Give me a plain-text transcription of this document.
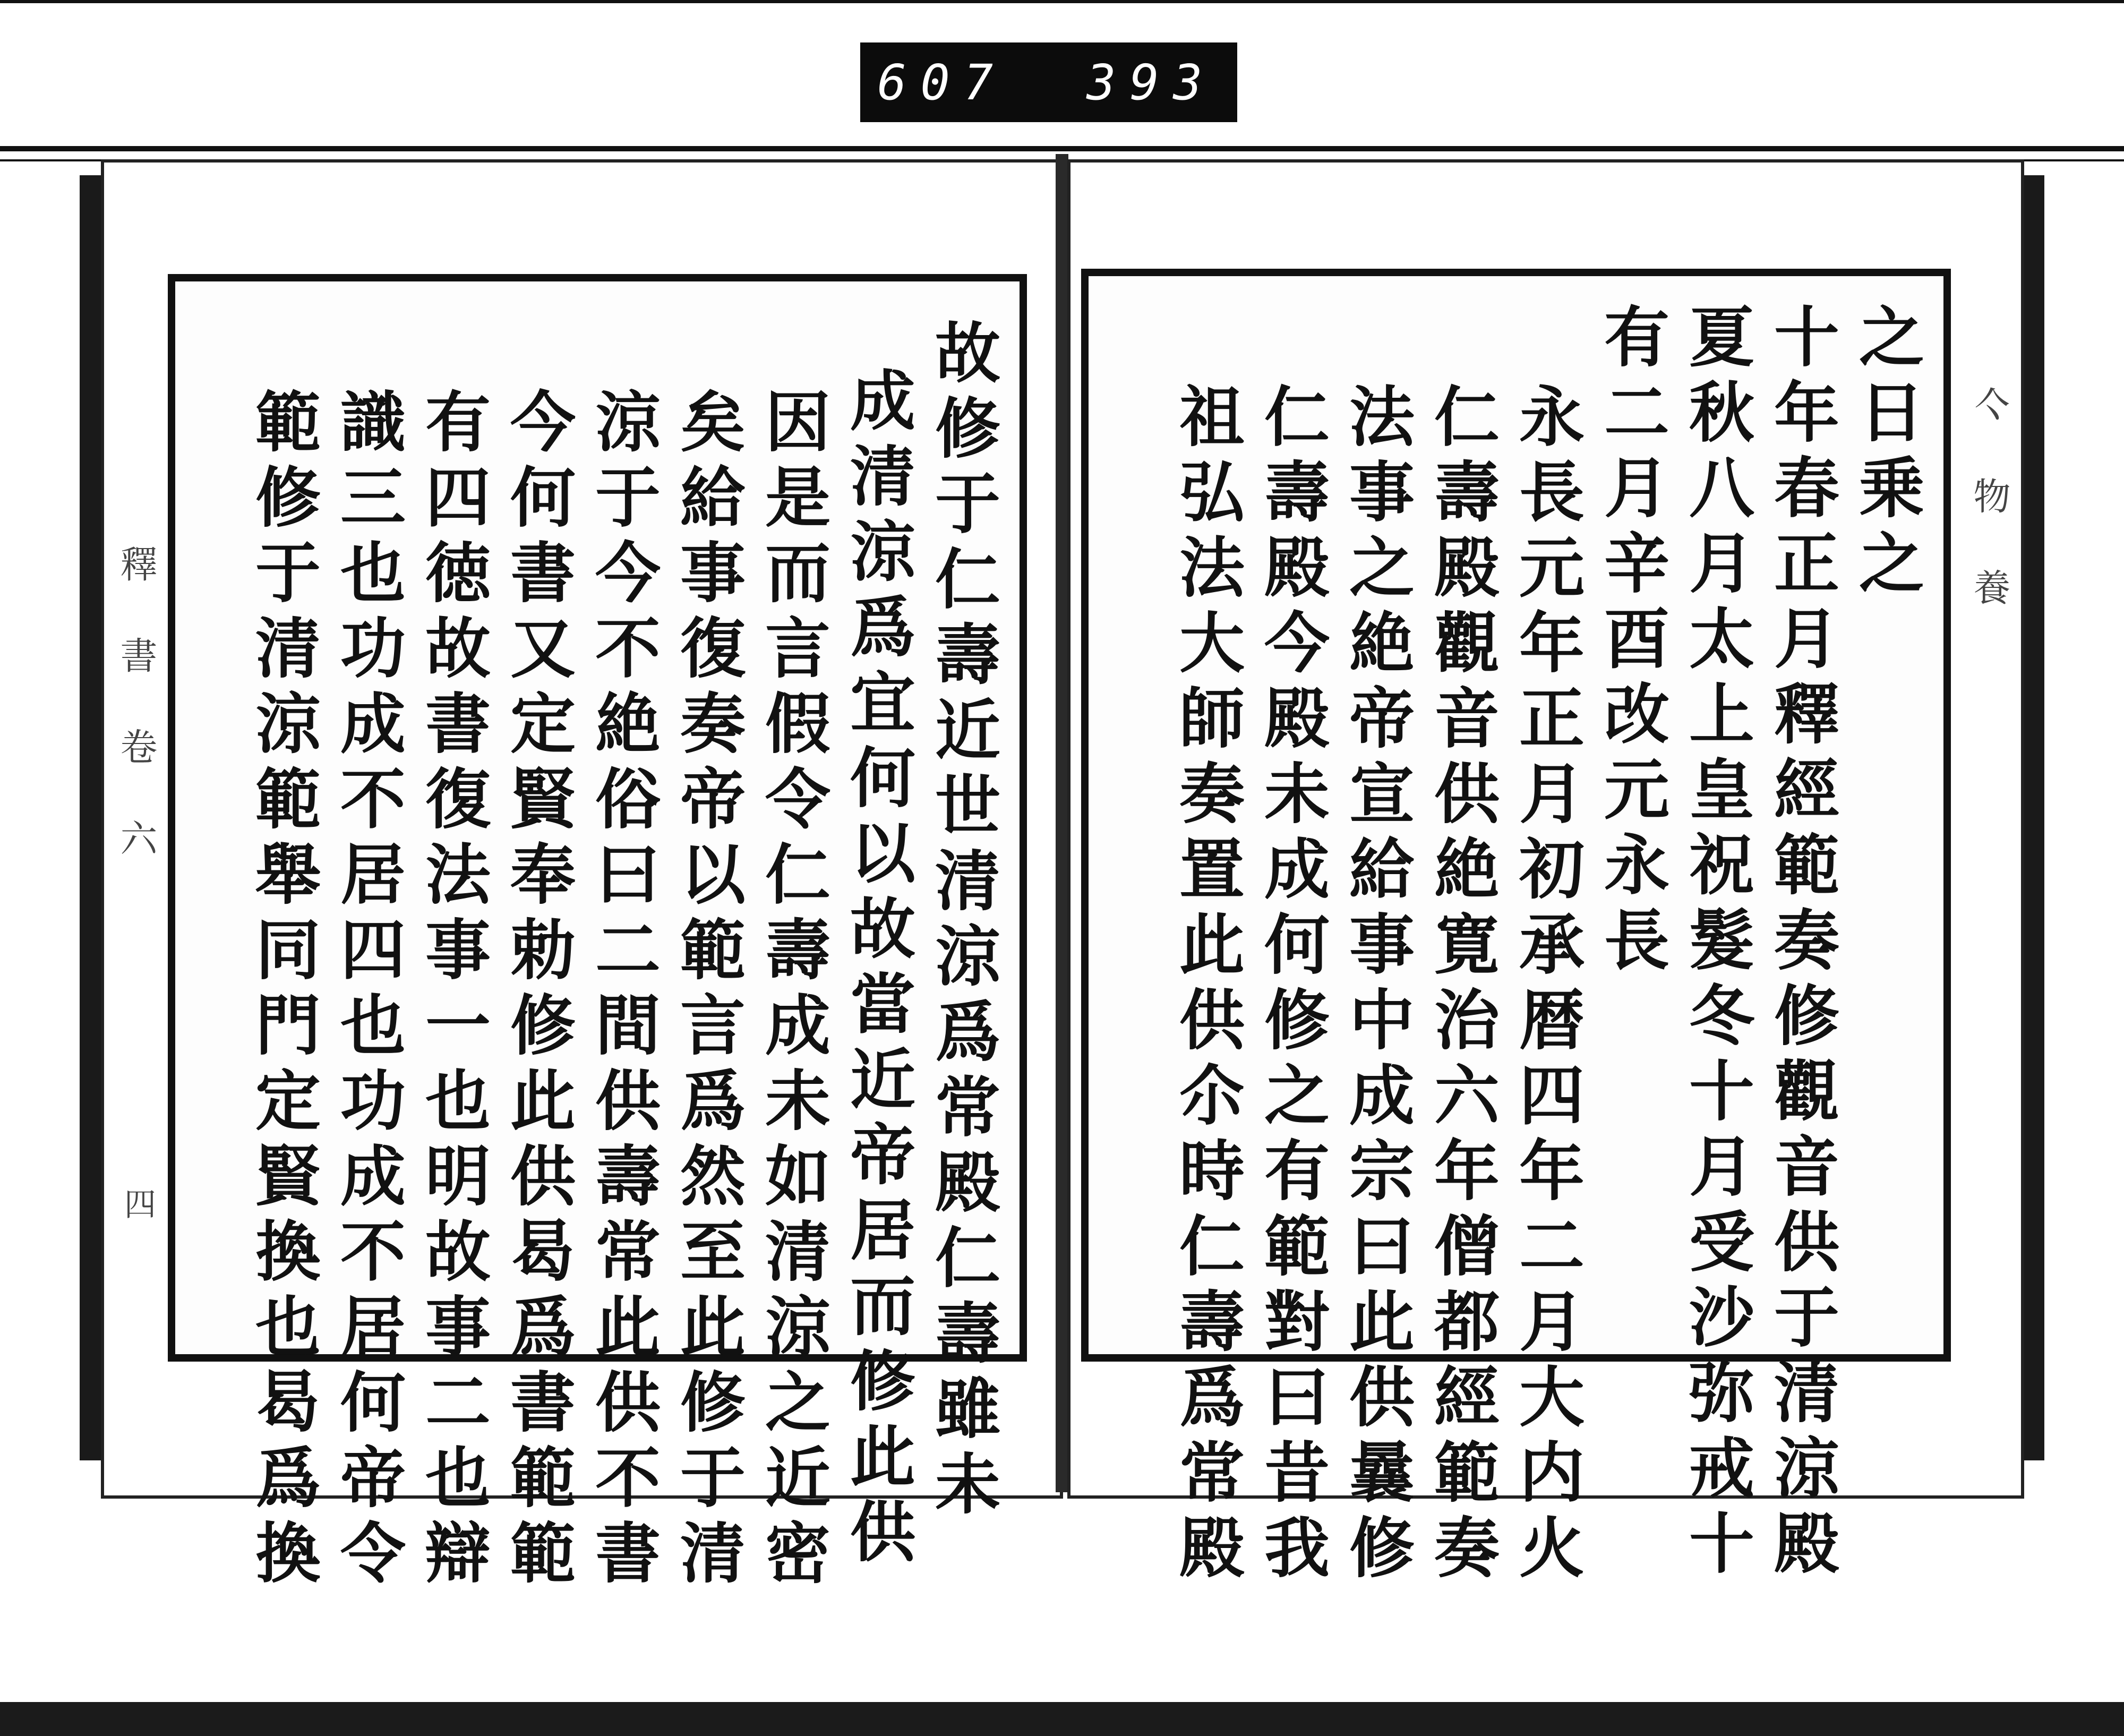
607 393
故修于仁壽近世清涼爲常殿仁壽雖未
成清涼爲宜何以故當近帝居而修此供
因是而言假令仁壽成未如清涼之近密
矣給事復奏帝以範言爲然至此修于清
涼于今不絶俗曰二間供壽常此供不書
今何書又定賢奉勅修此供曷爲書範範
有四徳故書復法事一也明故事二也辯
識三也功成不居四也功成不居何帝令
範修于清涼範舉同門定賢換也曷爲換
釋 書 卷 六
四
之日乗之
十年春正月釋經範奏修觀音供于清涼殿
夏秋八月太上皇祝髮冬十月受沙弥戒十
有二月辛酉改元永長
永長元年正月初承暦四年二月大内火
仁壽殿觀音供絶寛治六年僧都經範奏
法事之絶帝宣給事中成宗曰此供曩修
仁壽殿今殿未成何修之有範對曰昔我
祖弘法大師奏置此供尒時仁壽爲常殿	亽 物 養
